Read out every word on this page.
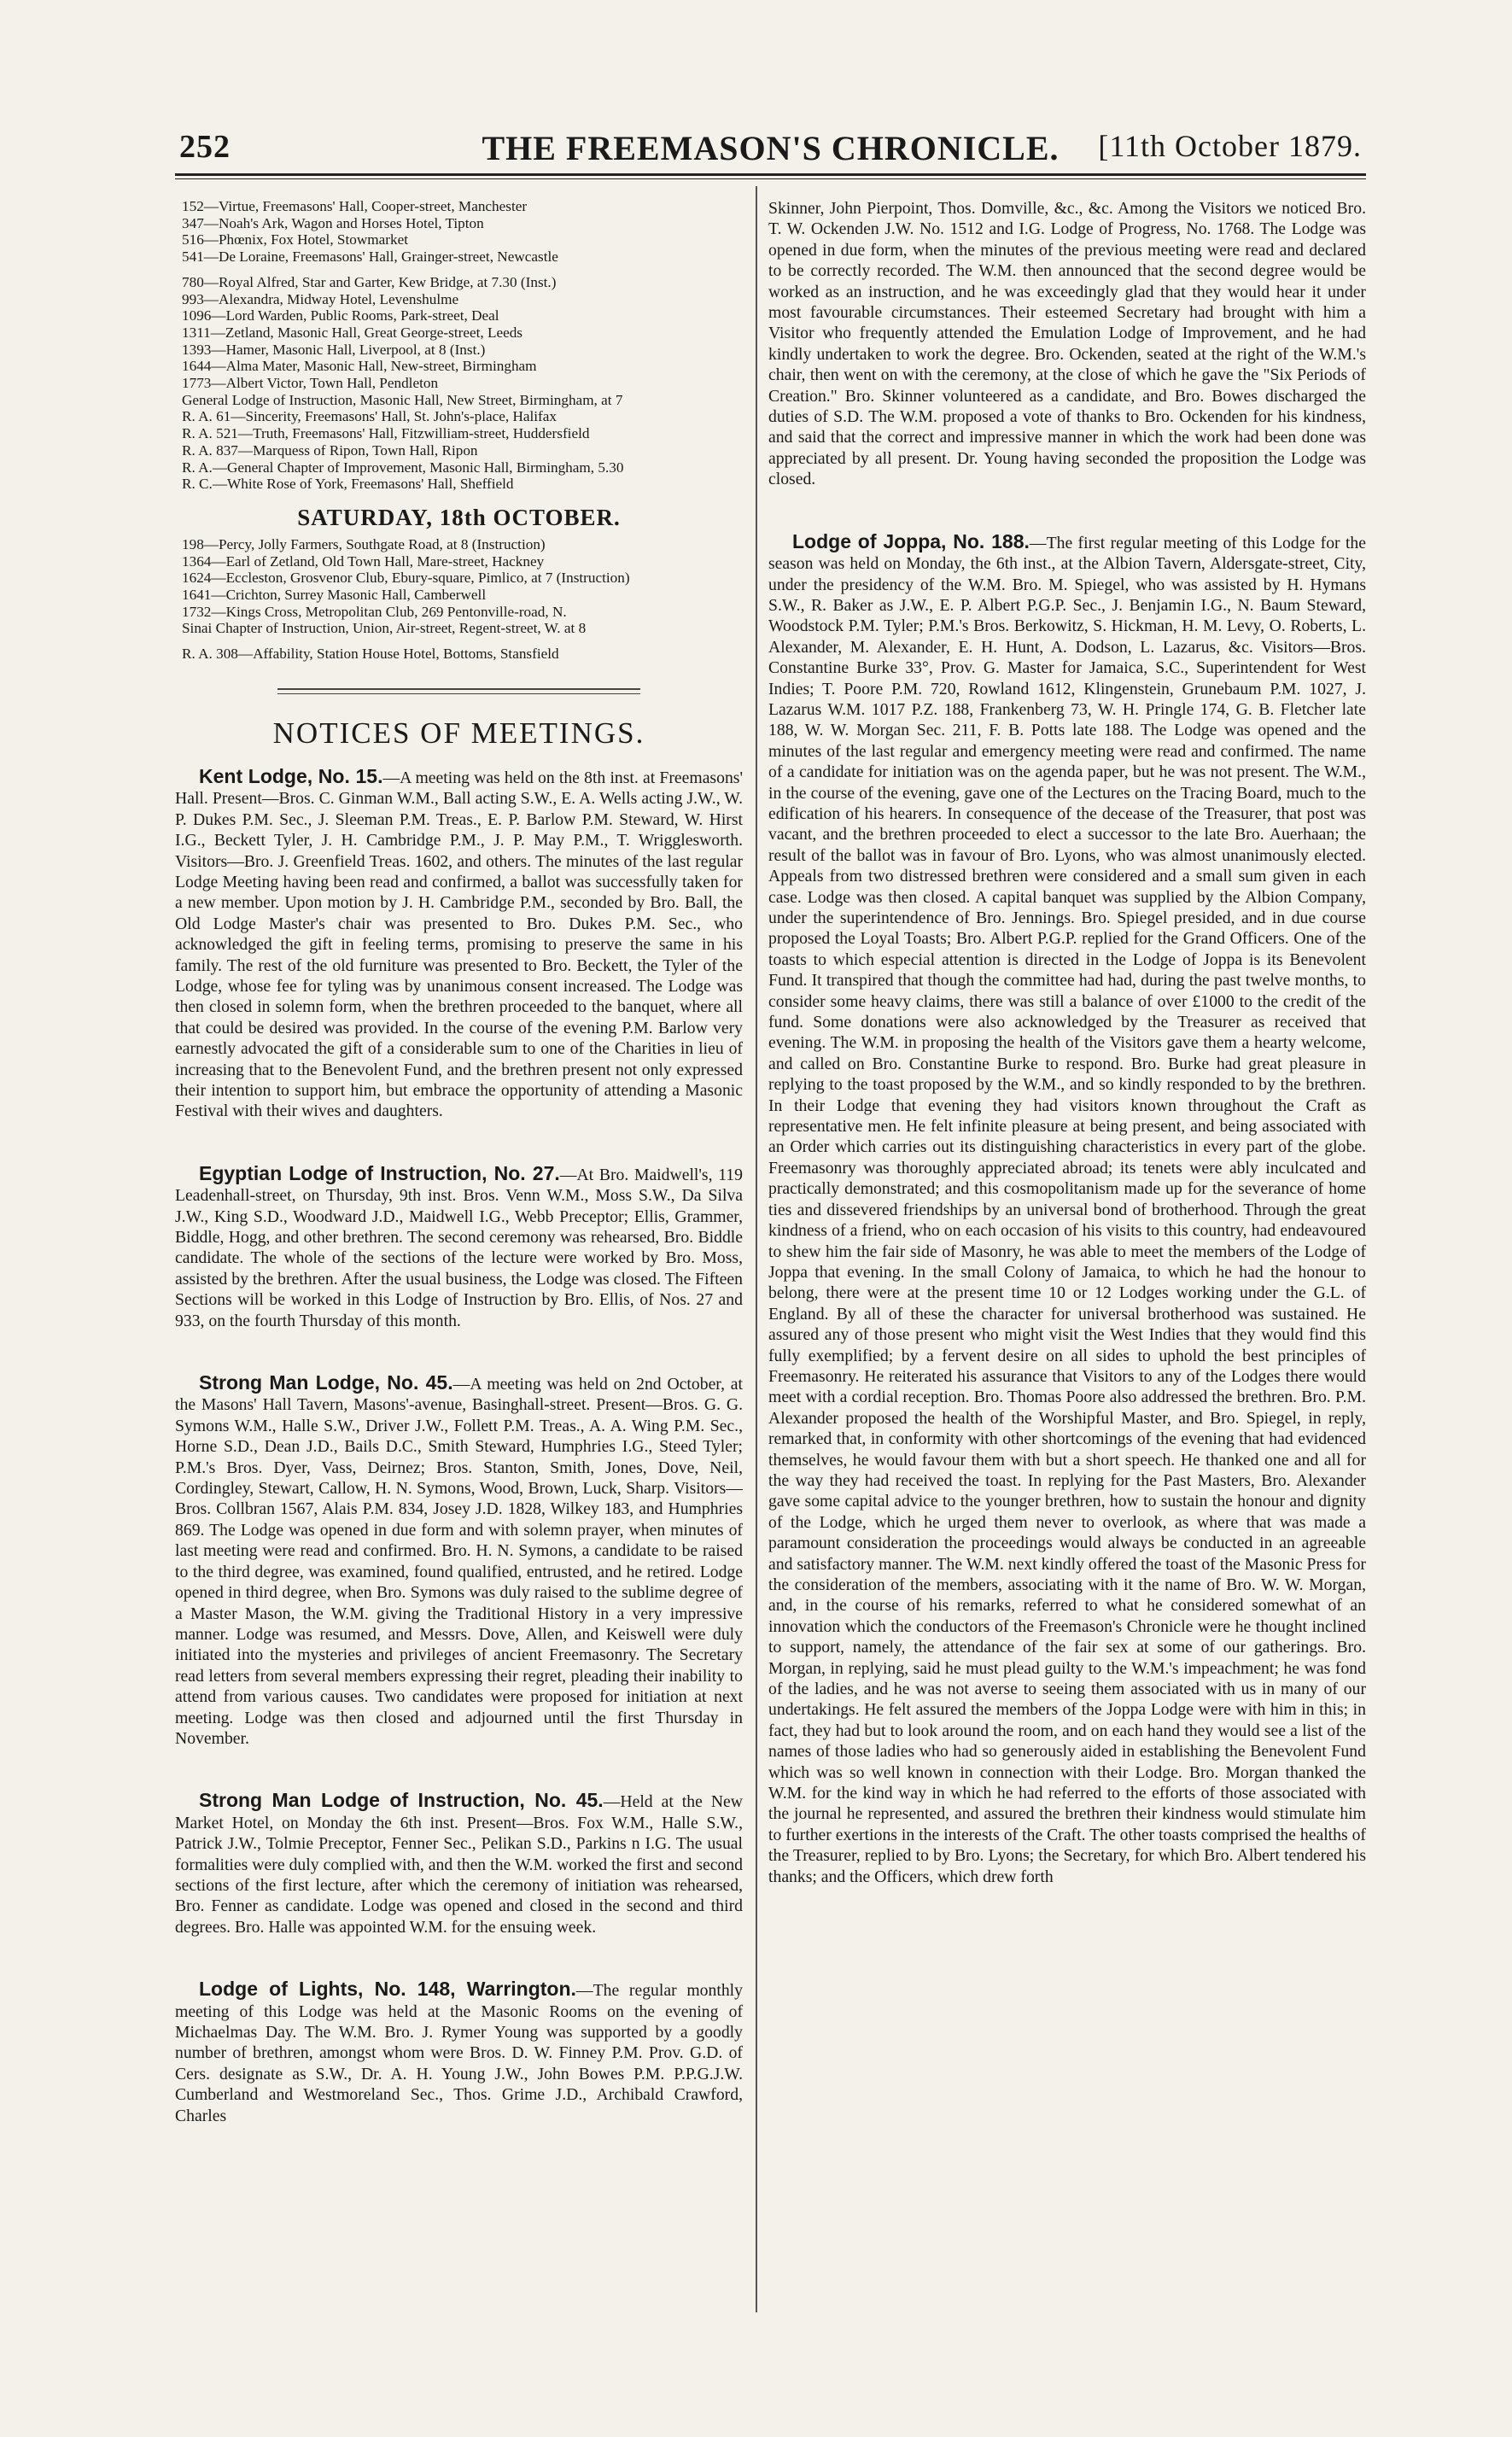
252	THE FREEMASON'S CHRONICLE.	[11th October 1879.
152—Virtue, Freemasons' Hall, Cooper-street, Manchester
347—Noah's Ark, Wagon and Horses Hotel, Tipton
516—Phœnix, Fox Hotel, Stowmarket
541—De Loraine, Freemasons' Hall, Grainger-street, Newcastle
780—Royal Alfred, Star and Garter, Kew Bridge, at 7.30 (Inst.)
993—Alexandra, Midway Hotel, Levenshulme
1096—Lord Warden, Public Rooms, Park-street, Deal
1311—Zetland, Masonic Hall, Great George-street, Leeds
1393—Hamer, Masonic Hall, Liverpool, at 8 (Inst.)
1644—Alma Mater, Masonic Hall, New-street, Birmingham
1773—Albert Victor, Town Hall, Pendleton
General Lodge of Instruction, Masonic Hall, New Street, Birmingham, at 7
R. A. 61—Sincerity, Freemasons' Hall, St. John's-place, Halifax
R. A. 521—Truth, Freemasons' Hall, Fitzwilliam-street, Huddersfield
R. A. 837—Marquess of Ripon, Town Hall, Ripon
R. A.—General Chapter of Improvement, Masonic Hall, Birmingham, 5.30
R. C.—White Rose of York, Freemasons' Hall, Sheffield
SATURDAY, 18th OCTOBER.
198—Percy, Jolly Farmers, Southgate Road, at 8 (Instruction)
1364—Earl of Zetland, Old Town Hall, Mare-street, Hackney
1624—Eccleston, Grosvenor Club, Ebury-square, Pimlico, at 7 (Instruction)
1641—Crichton, Surrey Masonic Hall, Camberwell
1732—Kings Cross, Metropolitan Club, 269 Pentonville-road, N.
Sinai Chapter of Instruction, Union, Air-street, Regent-street, W. at 8
R. A. 308—Affability, Station House Hotel, Bottoms, Stansfield
NOTICES OF MEETINGS.

Kent Lodge, No. 15.—A meeting was held on the 8th inst. at Freemasons' Hall. Present—Bros. C. Ginman W.M., Ball acting S.W., E. A. Wells acting J.W., W. P. Dukes P.M. Sec., J. Sleeman P.M. Treas., E. P. Barlow P.M. Steward, W. Hirst I.G., Beckett Tyler, J. H. Cambridge P.M., J. P. May P.M., T. Wrigglesworth. Visitors—Bro. J. Greenfield Treas. 1602, and others. The minutes of the last regular Lodge Meeting having been read and confirmed, a ballot was successfully taken for a new member. Upon motion by J. H. Cambridge P.M., seconded by Bro. Ball, the Old Lodge Master's chair was presented to Bro. Dukes P.M. Sec., who acknowledged the gift in feeling terms, promising to preserve the same in his family. The rest of the old furniture was presented to Bro. Beckett, the Tyler of the Lodge, whose fee for tyling was by unanimous consent increased. The Lodge was then closed in solemn form, when the brethren proceeded to the banquet, where all that could be desired was provided. In the course of the evening P.M. Barlow very earnestly advocated the gift of a considerable sum to one of the Charities in lieu of increasing that to the Benevolent Fund, and the brethren present not only expressed their intention to support him, but embrace the opportunity of attending a Masonic Festival with their wives and daughters.

Egyptian Lodge of Instruction, No. 27.—At Bro. Maidwell's, 119 Leadenhall-street, on Thursday, 9th inst. Bros. Venn W.M., Moss S.W., Da Silva J.W., King S.D., Woodward J.D., Maidwell I.G., Webb Preceptor; Ellis, Grammer, Biddle, Hogg, and other brethren. The second ceremony was rehearsed, Bro. Biddle candidate. The whole of the sections of the lecture were worked by Bro. Moss, assisted by the brethren. After the usual business, the Lodge was closed. The Fifteen Sections will be worked in this Lodge of Instruction by Bro. Ellis, of Nos. 27 and 933, on the fourth Thursday of this month.

Strong Man Lodge, No. 45.—A meeting was held on 2nd October, at the Masons' Hall Tavern, Masons'-avenue, Basinghall-street. Present—Bros. G. G. Symons W.M., Halle S.W., Driver J.W., Follett P.M. Treas., A. A. Wing P.M. Sec., Horne S.D., Dean J.D., Bails D.C., Smith Steward, Humphries I.G., Steed Tyler; P.M.'s Bros. Dyer, Vass, Deirnez; Bros. Stanton, Smith, Jones, Dove, Neil, Cordingley, Stewart, Callow, H. N. Symons, Wood, Brown, Luck, Sharp. Visitors—Bros. Collbran 1567, Alais P.M. 834, Josey J.D. 1828, Wilkey 183, and Humphries 869. The Lodge was opened in due form and with solemn prayer, when minutes of last meeting were read and confirmed. Bro. H. N. Symons, a candidate to be raised to the third degree, was examined, found qualified, entrusted, and he retired. Lodge opened in third degree, when Bro. Symons was duly raised to the sublime degree of a Master Mason, the W.M. giving the Traditional History in a very impressive manner. Lodge was resumed, and Messrs. Dove, Allen, and Keiswell were duly initiated into the mysteries and privileges of ancient Freemasonry. The Secretary read letters from several members expressing their regret, pleading their inability to attend from various causes. Two candidates were proposed for initiation at next meeting. Lodge was then closed and adjourned until the first Thursday in November.

Strong Man Lodge of Instruction, No. 45.—Held at the New Market Hotel, on Monday the 6th inst. Present—Bros. Fox W.M., Halle S.W., Patrick J.W., Tolmie Preceptor, Fenner Sec., Pelikan S.D., Parkins n I.G. The usual formalities were duly complied with, and then the W.M. worked the first and second sections of the first lecture, after which the ceremony of initiation was rehearsed, Bro. Fenner as candidate. Lodge was opened and closed in the second and third degrees. Bro. Halle was appointed W.M. for the ensuing week.

Lodge of Lights, No. 148, Warrington.—The regular monthly meeting of this Lodge was held at the Masonic Rooms on the evening of Michaelmas Day. The W.M. Bro. J. Rymer Young was supported by a goodly number of brethren, amongst whom were Bros. D. W. Finney P.M. Prov. G.D. of Cers. designate as S.W., Dr. A. H. Young J.W., John Bowes P.M. P.P.G.J.W. Cumberland and Westmoreland Sec., Thos. Grime J.D., Archibald Crawford, Charles

Skinner, John Pierpoint, Thos. Domville, &c., &c. Among the Visitors we noticed Bro. T. W. Ockenden J.W. No. 1512 and I.G. Lodge of Progress, No. 1768. The Lodge was opened in due form, when the minutes of the previous meeting were read and declared to be correctly recorded. The W.M. then announced that the second degree would be worked as an instruction, and he was exceedingly glad that they would hear it under most favourable circumstances. Their esteemed Secretary had brought with him a Visitor who frequently attended the Emulation Lodge of Improvement, and he had kindly undertaken to work the degree. Bro. Ockenden, seated at the right of the W.M.'s chair, then went on with the ceremony, at the close of which he gave the "Six Periods of Creation." Bro. Skinner volunteered as a candidate, and Bro. Bowes discharged the duties of S.D. The W.M. proposed a vote of thanks to Bro. Ockenden for his kindness, and said that the correct and impressive manner in which the work had been done was appreciated by all present. Dr. Young having seconded the proposition the Lodge was closed.

Lodge of Joppa, No. 188.—The first regular meeting of this Lodge for the season was held on Monday, the 6th inst., at the Albion Tavern, Aldersgate-street, City, under the presidency of the W.M. Bro. M. Spiegel, who was assisted by H. Hymans S.W., R. Baker as J.W., E. P. Albert P.G.P. Sec., J. Benjamin I.G., N. Baum Steward, Woodstock P.M. Tyler; P.M.'s Bros. Berkowitz, S. Hickman, H. M. Levy, O. Roberts, L. Alexander, M. Alexander, E. H. Hunt, A. Dodson, L. Lazarus, &c. Visitors—Bros. Constantine Burke 33°, Prov. G. Master for Jamaica, S.C., Superintendent for West Indies; T. Poore P.M. 720, Rowland 1612, Klingenstein, Grunebaum P.M. 1027, J. Lazarus W.M. 1017 P.Z. 188, Frankenberg 73, W. H. Pringle 174, G. B. Fletcher late 188, W. W. Morgan Sec. 211, F. B. Potts late 188. The Lodge was opened and the minutes of the last regular and emergency meeting were read and confirmed. The name of a candidate for initiation was on the agenda paper, but he was not present. The W.M., in the course of the evening, gave one of the Lectures on the Tracing Board, much to the edification of his hearers. In consequence of the decease of the Treasurer, that post was vacant, and the brethren proceeded to elect a successor to the late Bro. Auerhaan; the result of the ballot was in favour of Bro. Lyons, who was almost unanimously elected. Appeals from two distressed brethren were considered and a small sum given in each case. Lodge was then closed. A capital banquet was supplied by the Albion Company, under the superintendence of Bro. Jennings. Bro. Spiegel presided, and in due course proposed the Loyal Toasts; Bro. Albert P.G.P. replied for the Grand Officers. One of the toasts to which especial attention is directed in the Lodge of Joppa is its Benevolent Fund. It transpired that though the committee had had, during the past twelve months, to consider some heavy claims, there was still a balance of over £1000 to the credit of the fund. Some donations were also acknowledged by the Treasurer as received that evening. The W.M. in proposing the health of the Visitors gave them a hearty welcome, and called on Bro. Constantine Burke to respond. Bro. Burke had great pleasure in replying to the toast proposed by the W.M., and so kindly responded to by the brethren. In their Lodge that evening they had visitors known throughout the Craft as representative men. He felt infinite pleasure at being present, and being associated with an Order which carries out its distinguishing characteristics in every part of the globe. Freemasonry was thoroughly appreciated abroad; its tenets were ably inculcated and practically demonstrated; and this cosmopolitanism made up for the severance of home ties and dissevered friendships by an universal bond of brotherhood. Through the great kindness of a friend, who on each occasion of his visits to this country, had endeavoured to shew him the fair side of Masonry, he was able to meet the members of the Lodge of Joppa that evening. In the small Colony of Jamaica, to which he had the honour to belong, there were at the present time 10 or 12 Lodges working under the G.L. of England. By all of these the character for universal brotherhood was sustained. He assured any of those present who might visit the West Indies that they would find this fully exemplified; by a fervent desire on all sides to uphold the best principles of Freemasonry. He reiterated his assurance that Visitors to any of the Lodges there would meet with a cordial reception. Bro. Thomas Poore also addressed the brethren. Bro. P.M. Alexander proposed the health of the Worshipful Master, and Bro. Spiegel, in reply, remarked that, in conformity with other shortcomings of the evening that had evidenced themselves, he would favour them with but a short speech. He thanked one and all for the way they had received the toast. In replying for the Past Masters, Bro. Alexander gave some capital advice to the younger brethren, how to sustain the honour and dignity of the Lodge, which he urged them never to overlook, as where that was made a paramount consideration the proceedings would always be conducted in an agreeable and satisfactory manner. The W.M. next kindly offered the toast of the Masonic Press for the consideration of the members, associating with it the name of Bro. W. W. Morgan, and, in the course of his remarks, referred to what he considered somewhat of an innovation which the conductors of the Freemason's Chronicle were he thought inclined to support, namely, the attendance of the fair sex at some of our gatherings. Bro. Morgan, in replying, said he must plead guilty to the W.M.'s impeachment; he was fond of the ladies, and he was not averse to seeing them associated with us in many of our undertakings. He felt assured the members of the Joppa Lodge were with him in this; in fact, they had but to look around the room, and on each hand they would see a list of the names of those ladies who had so generously aided in establishing the Benevolent Fund which was so well known in connection with their Lodge. Bro. Morgan thanked the W.M. for the kind way in which he had referred to the efforts of those associated with the journal he represented, and assured the brethren their kindness would stimulate him to further exertions in the interests of the Craft. The other toasts comprised the healths of the Treasurer, replied to by Bro. Lyons; the Secretary, for which Bro. Albert tendered his thanks; and the Officers, which drew forth
